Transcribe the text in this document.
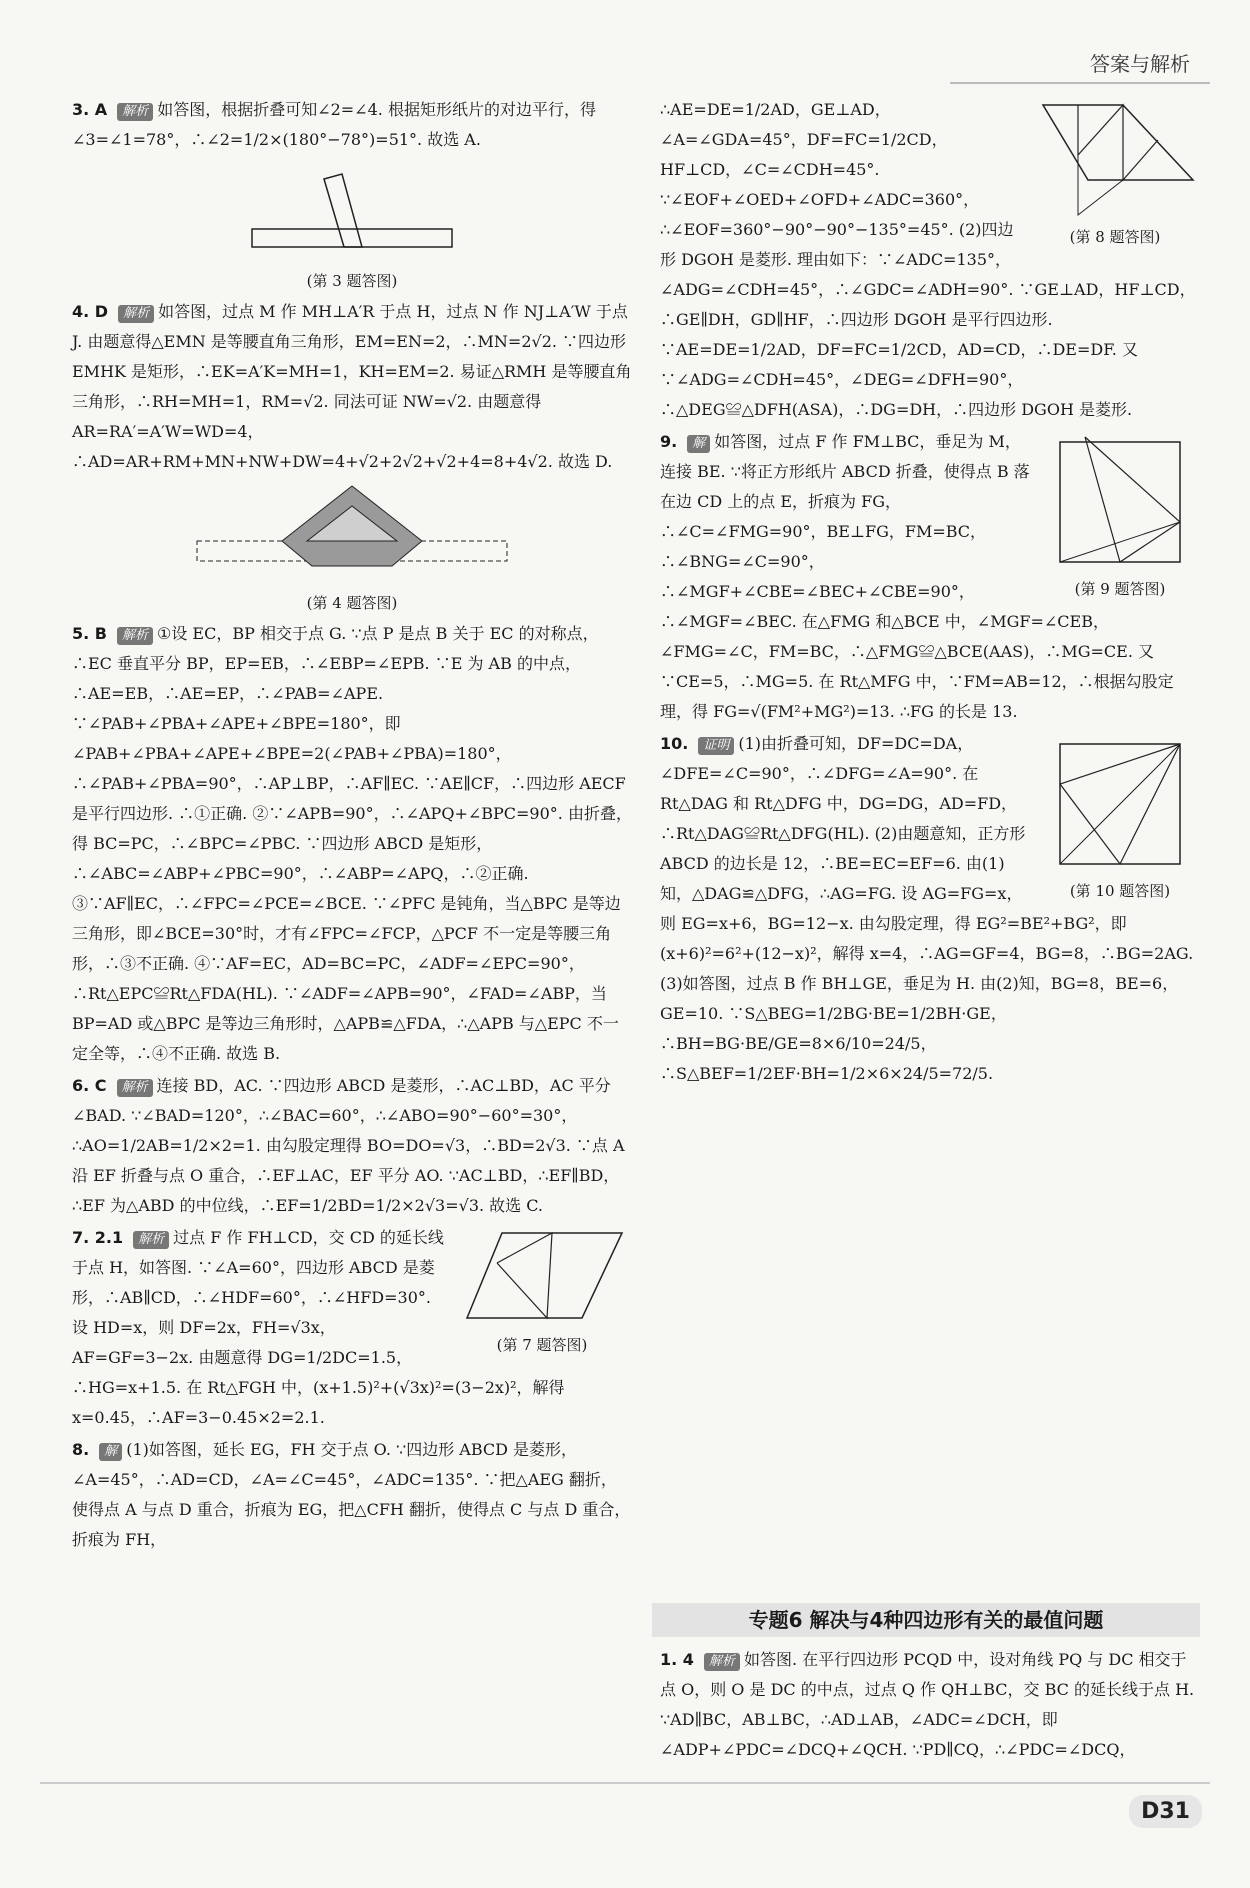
答案与解析

3. A 解析 如答图，根据折叠可知∠2=∠4. 根据矩形纸片的对边平行，得∠3=∠1=78°，∴∠2=1/2×(180°−78°)=51°. 故选 A.

(第 3 题答图)

4. D 解析 如答图，过点 M 作 MH⊥A′R 于点 H，过点 N 作 NJ⊥A′W 于点 J. 由题意得△EMN 是等腰直角三角形，EM=EN=2，∴MN=2√2. ∵四边形 EMHK 是矩形，∴EK=A′K=MH=1，KH=EM=2. 易证△RMH 是等腰直角三角形，∴RH=MH=1，RM=√2. 同法可证 NW=√2. 由题意得 AR=RA′=A′W=WD=4，∴AD=AR+RM+MN+NW+DW=4+√2+2√2+√2+4=8+4√2. 故选 D.

(第 4 题答图)

5. B 解析 ①设 EC，BP 相交于点 G. ∵点 P 是点 B 关于 EC 的对称点，∴EC 垂直平分 BP，EP=EB，∴∠EBP=∠EPB. ∵E 为 AB 的中点，∴AE=EB，∴AE=EP，∴∠PAB=∠APE. ∵∠PAB+∠PBA+∠APE+∠BPE=180°，即∠PAB+∠PBA+∠APE+∠BPE=2(∠PAB+∠PBA)=180°，∴∠PAB+∠PBA=90°，∴AP⊥BP，∴AF∥EC. ∵AE∥CF，∴四边形 AECF 是平行四边形. ∴①正确. ②∵∠APB=90°，∴∠APQ+∠BPC=90°. 由折叠，得 BC=PC，∴∠BPC=∠PBC. ∵四边形 ABCD 是矩形，∴∠ABC=∠ABP+∠PBC=90°，∴∠ABP=∠APQ，∴②正确. ③∵AF∥EC，∴∠FPC=∠PCE=∠BCE. ∵∠PFC 是钝角，当△BPC 是等边三角形，即∠BCE=30°时，才有∠FPC=∠FCP，△PCF 不一定是等腰三角形，∴③不正确. ④∵AF=EC，AD=BC=PC，∠ADF=∠EPC=90°，∴Rt△EPC≌Rt△FDA(HL). ∵∠ADF=∠APB=90°，∠FAD=∠ABP，当 BP=AD 或△BPC 是等边三角形时，△APB≌△FDA，∴△APB 与△EPC 不一定全等，∴④不正确. 故选 B.

6. C 解析 连接 BD，AC. ∵四边形 ABCD 是菱形，∴AC⊥BD，AC 平分∠BAD. ∵∠BAD=120°，∴∠BAC=60°，∴∠ABO=90°−60°=30°，∴AO=1/2AB=1/2×2=1. 由勾股定理得 BO=DO=√3，∴BD=2√3. ∵点 A 沿 EF 折叠与点 O 重合，∴EF⊥AC，EF 平分 AO. ∵AC⊥BD，∴EF∥BD，∴EF 为△ABD 的中位线，∴EF=1/2BD=1/2×2√3=√3. 故选 C.

(第 7 题答图)

7. 2.1 解析 过点 F 作 FH⊥CD，交 CD 的延长线于点 H，如答图. ∵∠A=60°，四边形 ABCD 是菱形，∴AB∥CD，∴∠HDF=60°，∴∠HFD=30°. 设 HD=x，则 DF=2x，FH=√3x，AF=GF=3−2x. 由题意得 DG=1/2DC=1.5，∴HG=x+1.5. 在 Rt△FGH 中，(x+1.5)²+(√3x)²=(3−2x)²，解得 x=0.45，∴AF=3−0.45×2=2.1.

8. 解 (1)如答图，延长 EG，FH 交于点 O. ∵四边形 ABCD 是菱形，∠A=45°，∴AD=CD，∠A=∠C=45°，∠ADC=135°. ∵把△AEG 翻折，使得点 A 与点 D 重合，折痕为 EG，把△CFH 翻折，使得点 C 与点 D 重合，折痕为 FH，

(第 8 题答图)

∴AE=DE=1/2AD，GE⊥AD，∠A=∠GDA=45°，DF=FC=1/2CD，HF⊥CD，∠C=∠CDH=45°. ∵∠EOF+∠OED+∠OFD+∠ADC=360°，∴∠EOF=360°−90°−90°−135°=45°. (2)四边形 DGOH 是菱形. 理由如下：∵∠ADC=135°，∠ADG=∠CDH=45°，∴∠GDC=∠ADH=90°. ∵GE⊥AD，HF⊥CD，∴GE∥DH，GD∥HF，∴四边形 DGOH 是平行四边形. ∵AE=DE=1/2AD，DF=FC=1/2CD，AD=CD，∴DE=DF. 又∵∠ADG=∠CDH=45°，∠DEG=∠DFH=90°，∴△DEG≌△DFH(ASA)，∴DG=DH，∴四边形 DGOH 是菱形.

(第 9 题答图)

9. 解 如答图，过点 F 作 FM⊥BC，垂足为 M，连接 BE. ∵将正方形纸片 ABCD 折叠，使得点 B 落在边 CD 上的点 E，折痕为 FG，∴∠C=∠FMG=90°，BE⊥FG，FM=BC，∴∠BNG=∠C=90°，∴∠MGF+∠CBE=∠BEC+∠CBE=90°，∴∠MGF=∠BEC. 在△FMG 和△BCE 中，∠MGF=∠CEB，∠FMG=∠C，FM=BC，∴△FMG≌△BCE(AAS)，∴MG=CE. 又∵CE=5，∴MG=5. 在 Rt△MFG 中，∵FM=AB=12，∴根据勾股定理，得 FG=√(FM²+MG²)=13. ∴FG 的长是 13.

(第 10 题答图)

10. 证明 (1)由折叠可知，DF=DC=DA，∠DFE=∠C=90°，∴∠DFG=∠A=90°. 在 Rt△DAG 和 Rt△DFG 中，DG=DG，AD=FD，∴Rt△DAG≌Rt△DFG(HL). (2)由题意知，正方形 ABCD 的边长是 12，∴BE=EC=EF=6. 由(1)知，△DAG≌△DFG，∴AG=FG. 设 AG=FG=x，则 EG=x+6，BG=12−x. 由勾股定理，得 EG²=BE²+BG²，即(x+6)²=6²+(12−x)²，解得 x=4，∴AG=GF=4，BG=8，∴BG=2AG. (3)如答图，过点 B 作 BH⊥GE，垂足为 H. 由(2)知，BG=8，BE=6，GE=10. ∵S△BEG=1/2BG·BE=1/2BH·GE，∴BH=BG·BE/GE=8×6/10=24/5，∴S△BEF=1/2EF·BH=1/2×6×24/5=72/5.

专题6 解决与4种四边形有关的最值问题

1. 4 解析 如答图. 在平行四边形 PCQD 中，设对角线 PQ 与 DC 相交于点 O，则 O 是 DC 的中点，过点 Q 作 QH⊥BC，交 BC 的延长线于点 H. ∵AD∥BC，AB⊥BC，∴AD⊥AB，∠ADC=∠DCH，即∠ADP+∠PDC=∠DCQ+∠QCH. ∵PD∥CQ，∴∠PDC=∠DCQ，

D31
